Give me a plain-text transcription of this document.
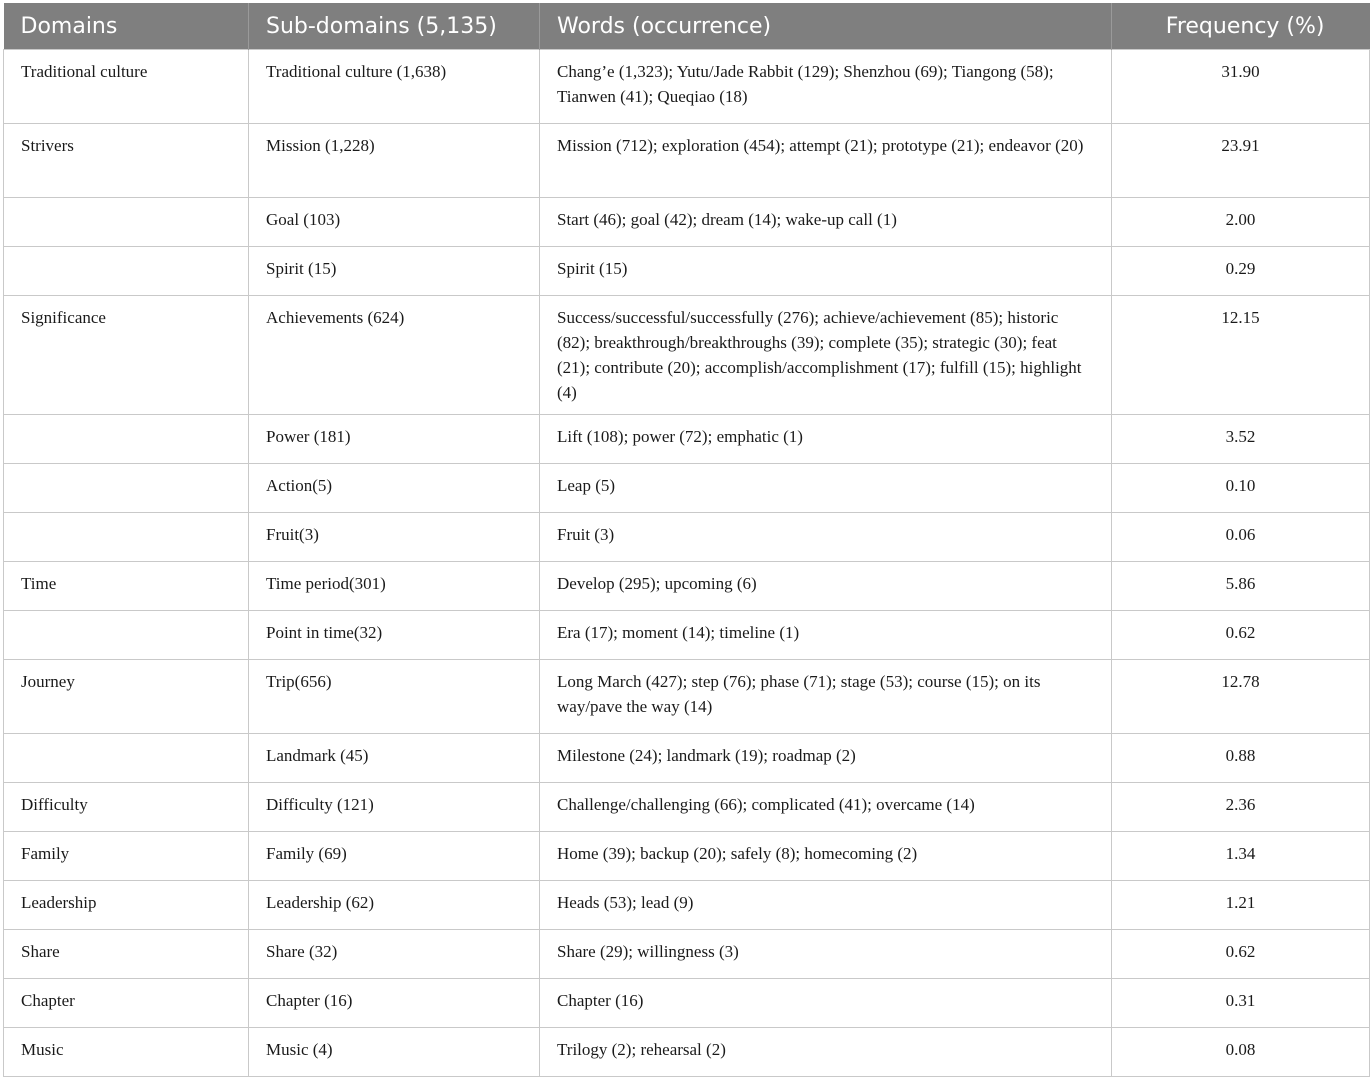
Domains	Sub-domains (5,135)	Words (occurrence)	Frequency (%)
Traditional culture	Traditional culture (1,638)	Chang’e (1,323); Yutu/Jade Rabbit (129); Shenzhou (69); Tiangong (58); Tianwen (41); Queqiao (18)	31.90
Strivers	Mission (1,228)	Mission (712); exploration (454); attempt (21); prototype (21); endeavor (20)	23.91
	Goal (103)	Start (46); goal (42); dream (14); wake-up call (1)	2.00
	Spirit (15)	Spirit (15)	0.29
Significance	Achievements (624)	Success/successful/successfully (276); achieve/achievement (85); historic (82); breakthrough/breakthroughs (39); complete (35); strategic (30); feat (21); contribute (20); accomplish/accomplishment (17); fulfill (15); highlight (4)	12.15
	Power (181)	Lift (108); power (72); emphatic (1)	3.52
	Action(5)	Leap (5)	0.10
	Fruit(3)	Fruit (3)	0.06
Time	Time period(301)	Develop (295); upcoming (6)	5.86
	Point in time(32)	Era (17); moment (14); timeline (1)	0.62
Journey	Trip(656)	Long March (427); step (76); phase (71); stage (53); course (15); on its way/pave the way (14)	12.78
	Landmark (45)	Milestone (24); landmark (19); roadmap (2)	0.88
Difficulty	Difficulty (121)	Challenge/challenging (66); complicated (41); overcame (14)	2.36
Family	Family (69)	Home (39); backup (20); safely (8); homecoming (2)	1.34
Leadership	Leadership (62)	Heads (53); lead (9)	1.21
Share	Share (32)	Share (29); willingness (3)	0.62
Chapter	Chapter (16)	Chapter (16)	0.31
Music	Music (4)	Trilogy (2); rehearsal (2)	0.08
